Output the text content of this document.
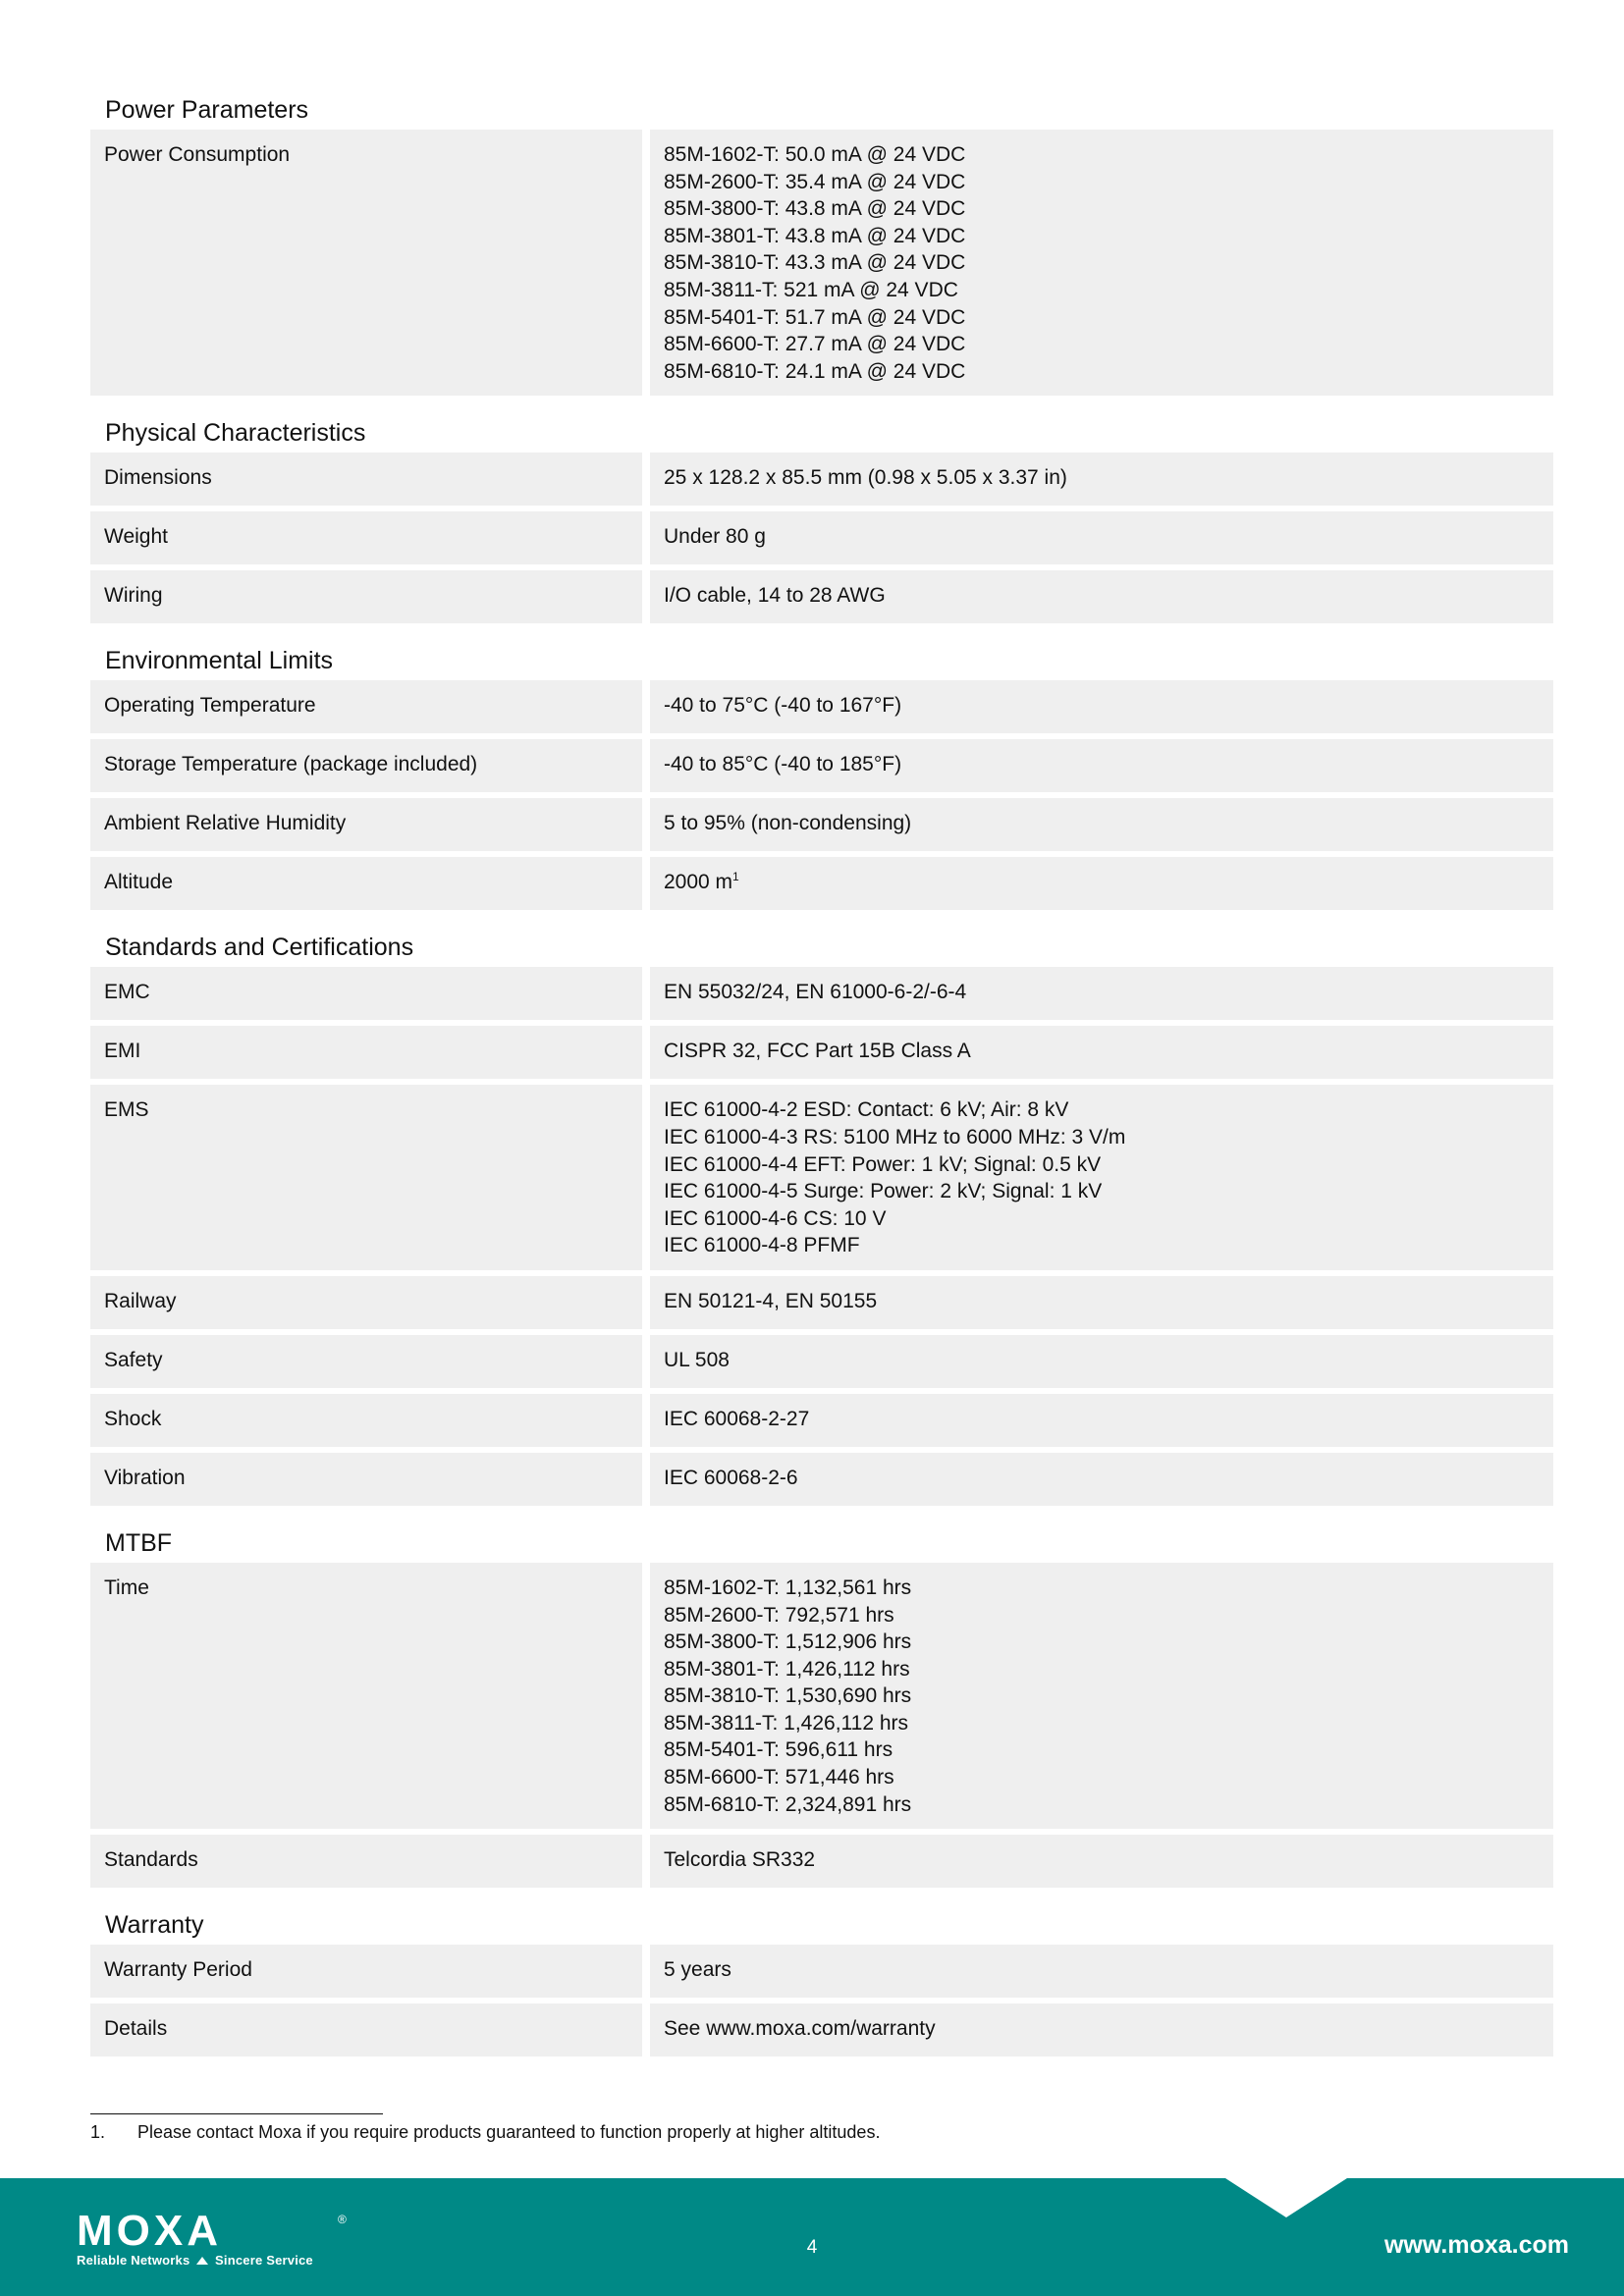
Power Parameters
Power Consumption	85M-1602-T: 50.0 mA @ 24 VDC
85M-2600-T: 35.4 mA @ 24 VDC
85M-3800-T: 43.8 mA @ 24 VDC
85M-3801-T: 43.8 mA @ 24 VDC
85M-3810-T: 43.3 mA @ 24 VDC
85M-3811-T: 521 mA @ 24 VDC
85M-5401-T: 51.7 mA @ 24 VDC
85M-6600-T: 27.7 mA @ 24 VDC
85M-6810-T: 24.1 mA @ 24 VDC
Physical Characteristics
Dimensions	25 x 128.2 x 85.5 mm (0.98 x 5.05 x 3.37 in)
Weight	Under 80 g
Wiring	I/O cable, 14 to 28 AWG
Environmental Limits
Operating Temperature	-40 to 75°C (-40 to 167°F)
Storage Temperature (package included)	-40 to 85°C (-40 to 185°F)
Ambient Relative Humidity	5 to 95% (non-condensing)
Altitude	2000 $m^1$
Standards and Certifications
EMC	EN 55032/24, EN 61000-6-2/-6-4
EMI	CISPR 32, FCC Part 15B Class A
EMS	IEC 61000-4-2 ESD: Contact: 6 kV; Air: 8 kV
IEC 61000-4-3 RS: 5100 MHz to 6000 MHz: 3 V/m
IEC 61000-4-4 EFT: Power: 1 kV; Signal: 0.5 kV
IEC 61000-4-5 Surge: Power: 2 kV; Signal: 1 kV
IEC 61000-4-6 CS: 10 V
IEC 61000-4-8 PFMF
Railway	EN 50121-4, EN 50155
Safety	UL 508
Shock	IEC 60068-2-27
Vibration	IEC 60068-2-6
MTBF
Time	85M-1602-T: 1,132,561 hrs
85M-2600-T: 792,571 hrs
85M-3800-T: 1,512,906 hrs
85M-3801-T: 1,426,112 hrs
85M-3810-T: 1,530,690 hrs
85M-3811-T: 1,426,112 hrs
85M-5401-T: 596,611 hrs
85M-6600-T: 571,446 hrs
85M-6810-T: 2,324,891 hrs
Standards	Telcordia SR332
Warranty
Warranty Period	5 years
Details	See www.moxa.com/warranty
1.	Please contact Moxa if you require products guaranteed to function properly at higher altitudes.
MOXA	®
Reliable Networks Sincere Service
4	www.moxa.com
